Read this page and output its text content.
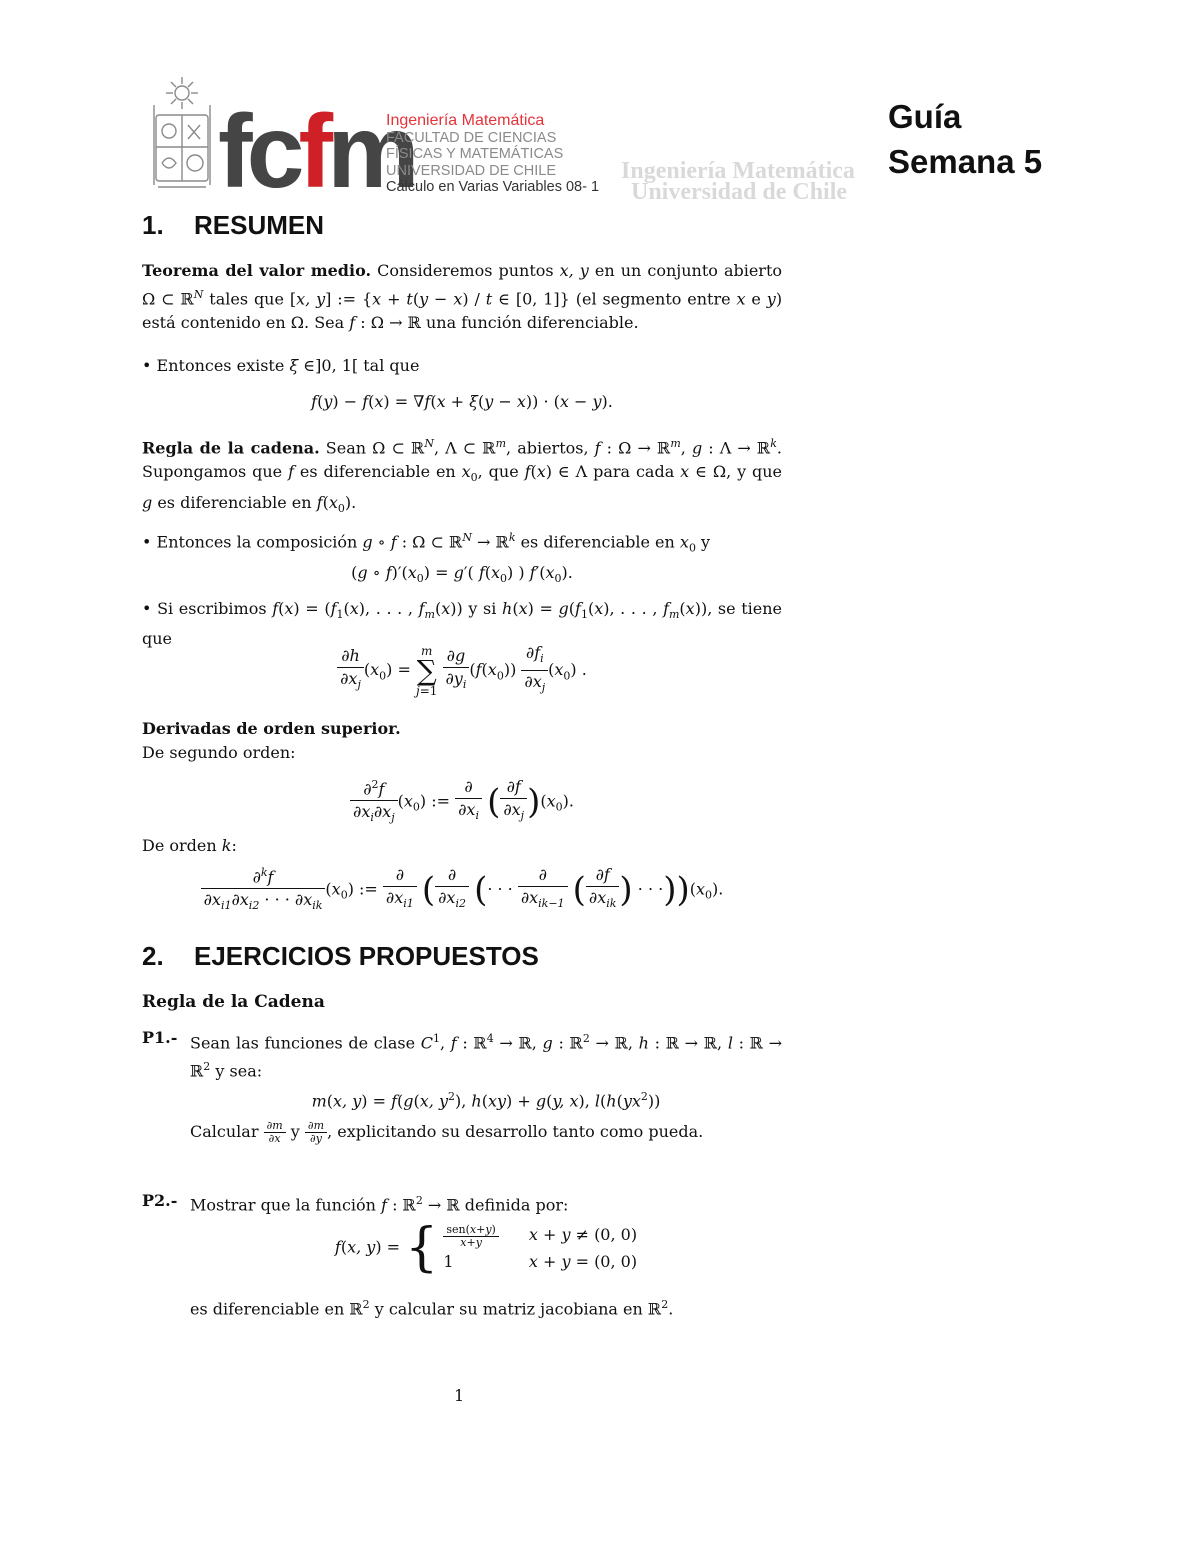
fcfm
Ingeniería Matemática
FACULTAD DE CIENCIAS
FÍSICAS Y MATEMÁTICAS
UNIVERSIDAD DE CHILE
Cálculo en Varias Variables 08- 1
Ingeniería Matemática
Universidad de Chile
Guía
Semana 5
1. RESUMEN
Teorema del valor medio. Consideremos puntos x, y en un conjunto abierto Ω ⊂ ℝ$^N$ tales que [x, y] := {x + t(y − x) / t ∈ [0, 1]} (el segmento entre x e y) está contenido en Ω. Sea f : Ω → ℝ una función diferenciable.
• Entonces existe ξ ∈]0, 1[ tal que
f(y) − f(x) = ∇f(x + ξ(y − x)) · (x − y).
Regla de la cadena. Sean Ω ⊂ ℝ$^N$, Λ ⊂ ℝ$^m$, abiertos, f : Ω → ℝ$^m$, g : Λ → ℝ$^k$. Supongamos que f es diferenciable en $x_0$, que f(x) ∈ Λ para cada x ∈ Ω, y que g es diferenciable en $f(x_0)$.
• Entonces la composición g ∘ f : Ω ⊂ ℝ$^N$ → ℝ$^k$ es diferenciable en $x_0$ y
(g ∘ $f)'(x_0) = g'$( $f(x_0)$ ) $f'(x_0)$.
• Si escribimos $f(x) = (f_1(x)$, . . . , $f_m(x)$) y si $h(x) = g(f_1(x)$, . . . , $f_m(x)$), se tiene que
$\frac{\partial h}{\partial x_j} (x_0) = m$
∑
$j=1 \frac{\partial g}{\partial y_i} (f(x_0)) \frac{\partial f_i}{\partial x_j} (x_0)$ .
Derivadas de orden superior.
De segundo orden:
$\frac{\partial^2f}{\partial x_i\partial x_j} (x_0)$ := $\frac{\partial}{\partial x_i}$ ( $\frac{\partial f}{\partial x_j} )(x_0)$.
De orden k:
$\frac{\partial^kf}{\partial x_{i1}\partial x_{i2} \cdot \cdot \cdot \partial x_{ik}} (x_0)$ := $\frac{\partial}{\partial x_{i1}}$ ( $\frac{\partial}{\partial x_{i2}}$ (· · · $\frac{\partial}{\partial x_{ik-1}}$ ( $\frac{\partial f}{\partial x_{ik}}$ ) · · $\cdot))(x_0)$.
2. EJERCICIOS PROPUESTOS
Regla de la Cadena
P1.- Sean las funciones de clase $C^1$, f : ℝ$^4$ → ℝ, g : ℝ$^2$ → ℝ, h : ℝ → ℝ, l : ℝ → ℝ$^2$ y sea:
m(x, y) = f(g(x, $y^2$), h(xy) + g(y, x), $l(h(yx^2))$
Calcular $\frac{\partial m}{\partial x}$ y $\frac{\partial m}{\partial y}$ , explicitando su desarrollo tanto como pueda.
P2.- Mostrar que la función f : ℝ$^2$ → ℝ definida por:
f(x, y) = { $\frac{\text{sen(x+y)}}{x+y}$ x + y ≠ (0, 0)
1	x + y = (0, 0)
es diferenciable en ℝ$^2$ y calcular su matriz jacobiana en ℝ$^2$.
1
